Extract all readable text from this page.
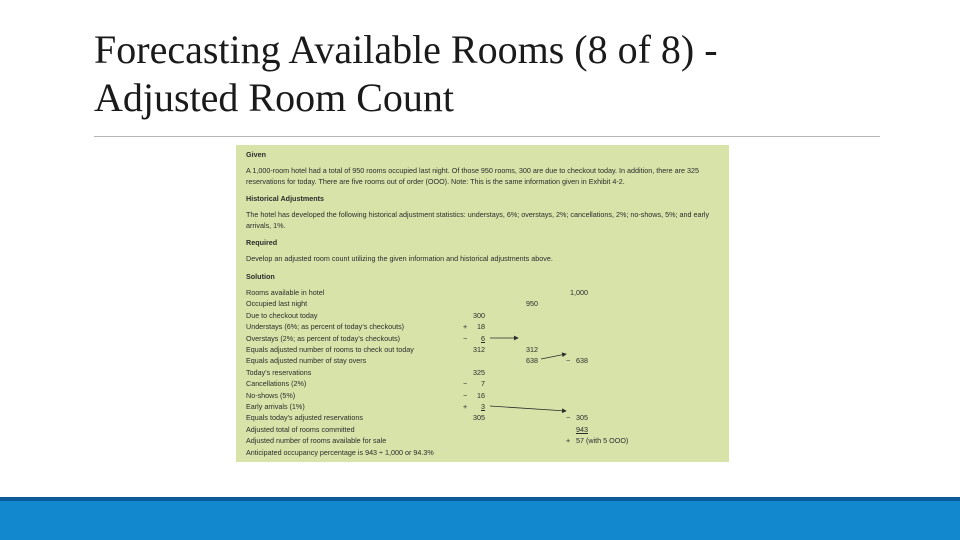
Forecasting Available Rooms (8 of 8) -
Adjusted Room Count
Given
A 1,000-room hotel had a total of 950 rooms occupied last night. Of those 950 rooms, 300 are due to checkout today. In addition, there are 325 reservations for today. There are five rooms out of order (OOO). Note: This is the same information given in Exhibit 4-2.
Historical Adjustments
The hotel has developed the following historical adjustment statistics: understays, 6%; overstays, 2%; cancellations, 2%; no-shows, 5%; and early arrivals, 1%.
Required
Develop an adjusted room count utilizing the given information and historical adjustments above.
Solution
Rooms available in hotel	1,000
Occupied last night	950
Due to checkout today	300
Understays (6%; as percent of today’s checkouts)	+	18
Overstays (2%; as percent of today’s checkouts)	−	6
Equals adjusted number of rooms to check out today	312	312
Equals adjusted number of stay overs	638	− 638
Today’s reservations	325
Cancellations (2%)	−	7
No-shows (5%)	−	16
Early arrivals (1%)	+	3
Equals today’s adjusted reservations	305	− 305
Adjusted total of rooms committed	943
Adjusted number of rooms available for sale	+ 57 (with 5 OOO)
Anticipated occupancy percentage is 943 ÷ 1,000 or 94.3%
